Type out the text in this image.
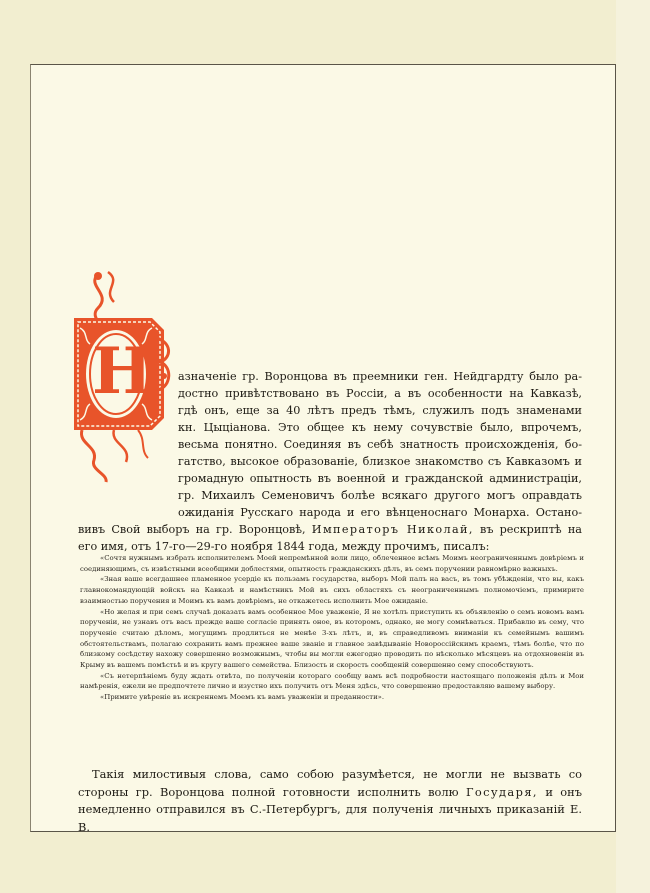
Н азначеніе гр. Воронцова въ преемники ген. Нейдгардту было ра-

достно привѣтствовано въ Россіи, а въ особенности на Кавказѣ,

гдѣ онъ, еще за 40 лѣтъ предъ тѣмъ, служилъ подъ знаменами

кн. Цыціанова. Это общее къ нему сочувствіе было, впрочемъ,

весьма понятно. Соединяя въ себѣ знатность происхожденія, бо-

гатство, высокое образованіе, близкое знакомство съ Кавказомъ и

громадную опытность въ военной и гражданской администраціи,

гр. Михаилъ Семеновичъ болѣе всякаго другого могъ оправдать

ожиданія Русскаго народа и его вѣнценоснаго Монарха. Остано-

вивъ Свой выборъ на гр. Воронцовѣ, Императоръ Николай, въ рескриптѣ на
его имя, отъ 17-го—29-го ноября 1844 года, между прочимъ, писалъ:

«Сочтя нужнымъ избрать исполнителемъ Моей непремѣнной воли лицо, облеченное всѣмъ Моимъ неограниченнымъ довѣріемъ и соединяющимъ, съ извѣстными всеобщими доблестями, опытность гражданскихъ дѣлъ, въ семъ поручении равномѣрно важныхъ.

«Зная ваше всегдашнее пламенное усердіе къ пользамъ государства, выборъ Мой палъ на васъ, въ томъ убѣжденіи, что вы, какъ главнокомандующій войскъ на Кавказѣ и намѣстникъ Мой въ сихъ областяхъ съ неограниченнымъ полномочіемъ, примирите взаимностью поручения и Моимъ къ вамъ довѣріемъ, не откажетесь исполнить Мое ожиданіе.

«Но желая и при семъ случаѣ доказать вамъ особенное Мое уваженіе, Я не хотѣлъ приступить къ объявленію о семъ новомъ вамъ порученіи, не узнавъ отъ васъ прежде ваше согласіе принять оное, въ которомъ, однако, не могу сомнѣваться. Прибавлю въ сему, что порученіе считаю дѣломъ, могущимъ продлиться не менѣе 3-хъ лѣтъ, и, въ справедливомъ вниманіи къ семейнымъ вашимъ обстоятельствамъ, полагаю сохранить вамъ прежнее ваше званіе и главное завѣдываніе Новороссійскимъ краемъ, тѣмъ болѣе, что по близкому сосѣдству нахожу совершенно возможнымъ, чтобы вы могли ежегодно проводить по нѣсколько мѣсяцевъ на отдохновеніи въ Крыму въ вашемъ помѣстьѣ и въ кругу вашего семейства. Близость и скорость сообщеній совершенно сему способствуютъ.

«Съ нетерпѣніемъ буду ждать отвѣта, по полученіи котораго сообщу вамъ всѣ подробности настоящаго положенія дѣлъ и Мои намѣренія, ежели не предпочтете лично и изустно ихъ получить отъ Меня здѣсь, что совершенно предоставляю вашему выбору.

«Примите увѣреніе въ искреннемъ Моемъ къ вамъ уваженіи и преданности».

Такія милостивыя слова, само собою разумѣется, не могли не вызвать со стороны гр. Воронцова полной готовности исполнить волю Государя, и онъ немедленно отправился въ С.-Петербургъ, для полученія личныхъ приказаній Е. В.
